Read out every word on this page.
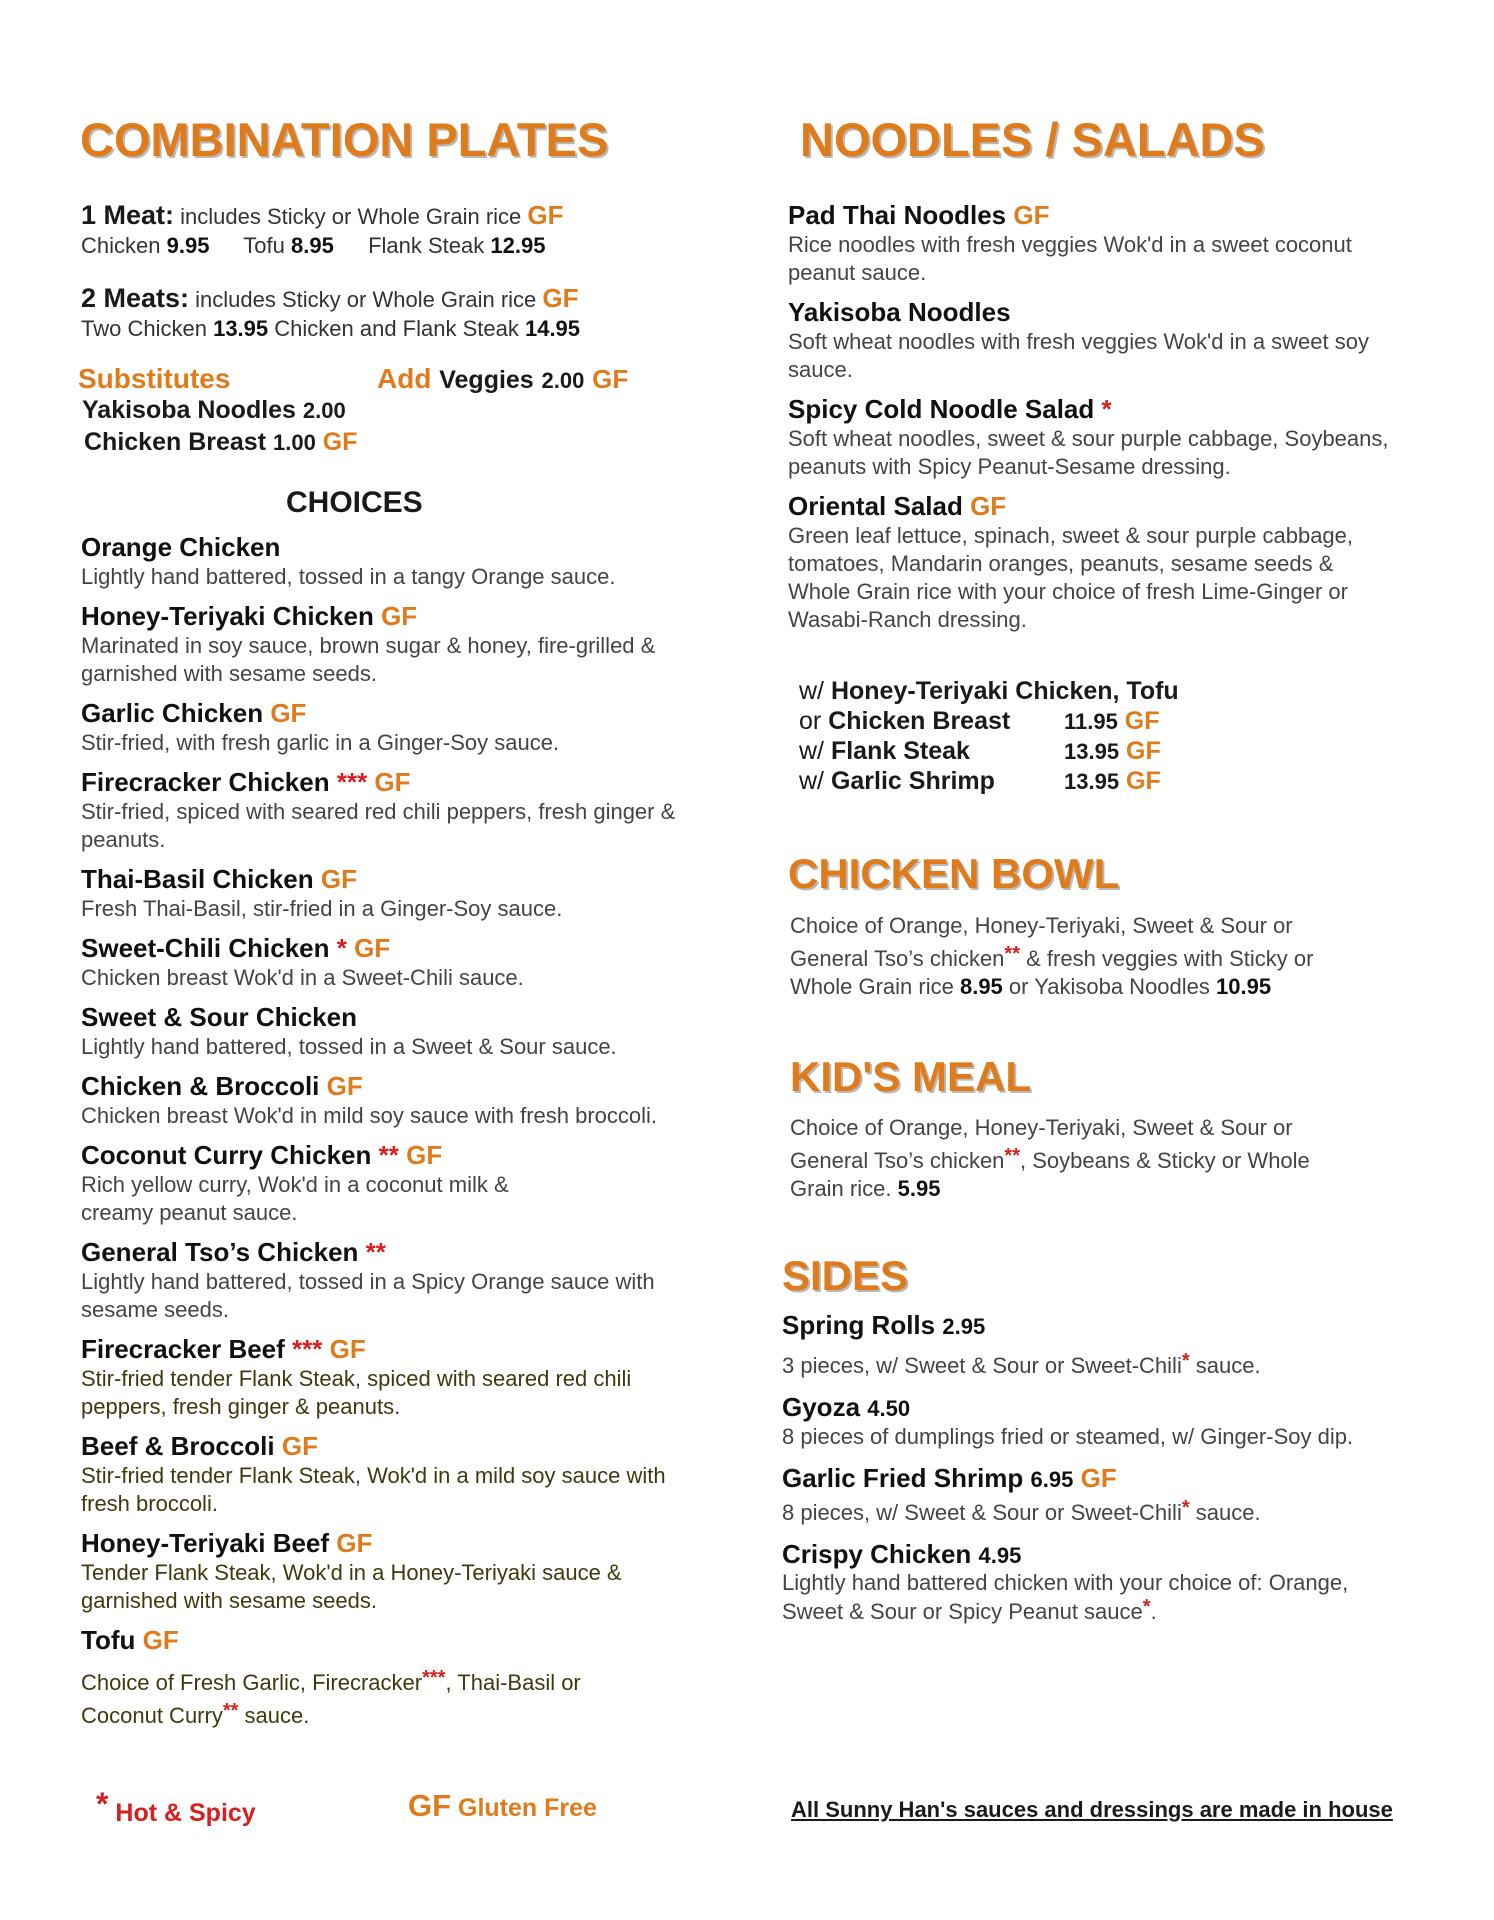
COMBINATION PLATES
1 Meat: includes Sticky or Whole Grain rice GF
Chicken 9.95 Tofu 8.95 Flank Steak 12.95
2 Meats: includes Sticky or Whole Grain rice GF
Two Chicken 13.95 Chicken and Flank Steak 14.95
Substitutes	Add Veggies 2.00 GF
Yakisoba Noodles 2.00
Chicken Breast 1.00 GF
CHOICES
Orange Chicken
Lightly hand battered, tossed in a tangy Orange sauce.
Honey-Teriyaki Chicken GF
Marinated in soy sauce, brown sugar & honey, fire-grilled & garnished with sesame seeds.
Garlic Chicken GF
Stir-fried, with fresh garlic in a Ginger-Soy sauce.
Firecracker Chicken *** GF
Stir-fried, spiced with seared red chili peppers, fresh ginger & peanuts.
Thai-Basil Chicken GF
Fresh Thai-Basil, stir-fried in a Ginger-Soy sauce.
Sweet-Chili Chicken * GF
Chicken breast Wok'd in a Sweet-Chili sauce.
Sweet & Sour Chicken
Lightly hand battered, tossed in a Sweet & Sour sauce.
Chicken & Broccoli GF
Chicken breast Wok'd in mild soy sauce with fresh broccoli.
Coconut Curry Chicken ** GF
Rich yellow curry, Wok'd in a coconut milk & creamy peanut sauce.
General Tso’s Chicken **
Lightly hand battered, tossed in a Spicy Orange sauce with sesame seeds.
Firecracker Beef *** GF
Stir-fried tender Flank Steak, spiced with seared red chili peppers, fresh ginger & peanuts.
Beef & Broccoli GF
Stir-fried tender Flank Steak, Wok'd in a mild soy sauce with fresh broccoli.
Honey-Teriyaki Beef GF
Tender Flank Steak, Wok'd in a Honey-Teriyaki sauce & garnished with sesame seeds.
Tofu GF
Choice of Fresh Garlic, Firecracker***, Thai-Basil or
Coconut Curry** sauce.
NOODLES / SALADS
Pad Thai Noodles GF
Rice noodles with fresh veggies Wok'd in a sweet coconut peanut sauce.
Yakisoba Noodles
Soft wheat noodles with fresh veggies Wok'd in a sweet soy sauce.
Spicy Cold Noodle Salad *
Soft wheat noodles, sweet & sour purple cabbage, Soybeans, peanuts with Spicy Peanut-Sesame dressing.
Oriental Salad GF
Green leaf lettuce, spinach, sweet & sour purple cabbage, tomatoes, Mandarin oranges, peanuts, sesame seeds & Whole Grain rice with your choice of fresh Lime-Ginger or Wasabi-Ranch dressing.
w/ Honey-Teriyaki Chicken, Tofu
or Chicken Breast 11.95 GF
w/ Flank Steak	13.95 GF
w/ Garlic Shrimp	13.95 GF
CHICKEN BOWL
Choice of Orange, Honey-Teriyaki, Sweet & Sour or
General Tso’s chicken** & fresh veggies with Sticky or
Whole Grain rice 8.95 or Yakisoba Noodles 10.95
KID'S MEAL
Choice of Orange, Honey-Teriyaki, Sweet & Sour or
General Tso’s chicken**, Soybeans & Sticky or Whole
Grain rice. 5.95
SIDES
Spring Rolls 2.95
3 pieces, w/ Sweet & Sour or Sweet-Chili* sauce.
Gyoza 4.50
8 pieces of dumplings fried or steamed, w/ Ginger-Soy dip.
Garlic Fried Shrimp 6.95 GF
8 pieces, w/ Sweet & Sour or Sweet-Chili* sauce.
Crispy Chicken 4.95
Lightly hand battered chicken with your choice of: Orange,
Sweet & Sour or Spicy Peanut sauce*.
* Hot & Spicy	GF Gluten Free	All Sunny Han's sauces and dressings are made in house
